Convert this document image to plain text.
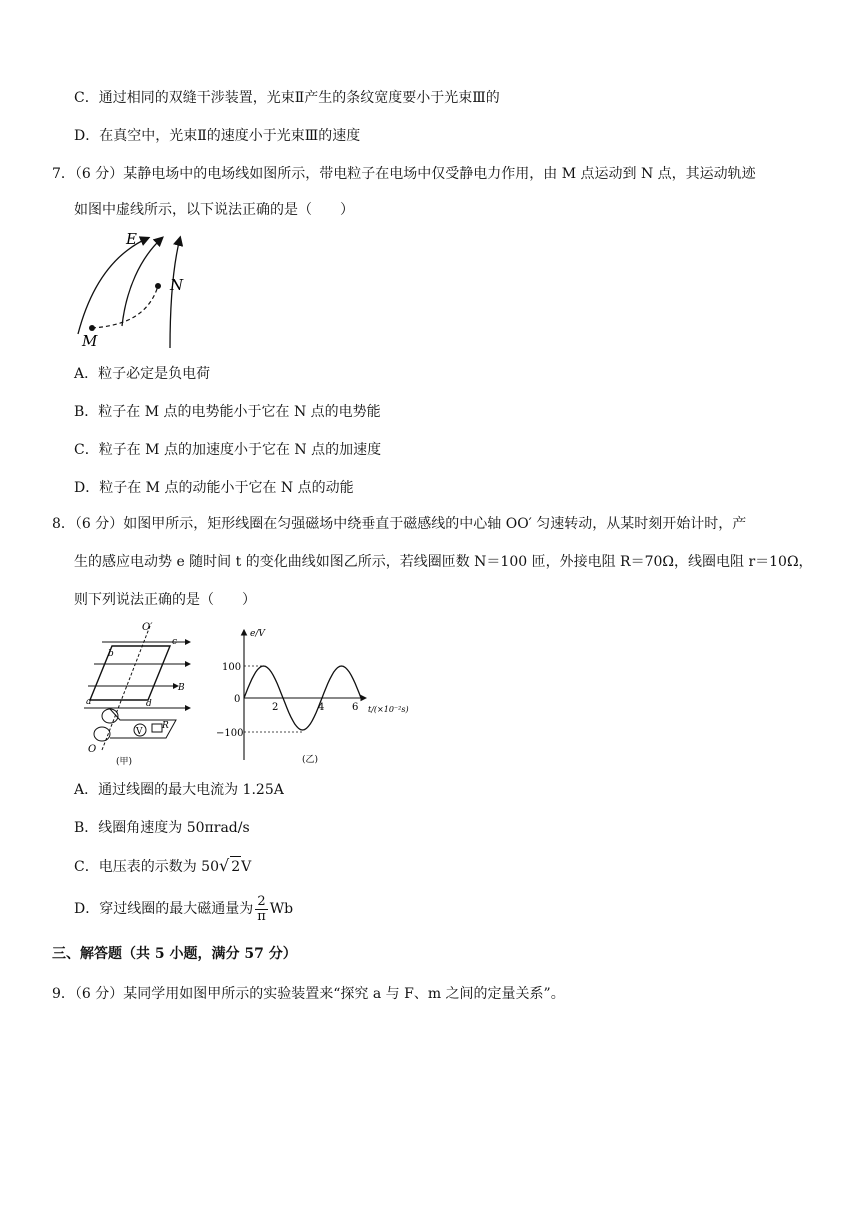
C．通过相同的双缝干涉装置，光束Ⅱ产生的条纹宽度要小于光束Ⅲ的
D．在真空中，光束Ⅱ的速度小于光束Ⅲ的速度
7．（6 分）某静电场中的电场线如图所示，带电粒子在电场中仅受静电力作用，由 M 点运动到 N 点，其运动轨迹
如图中虚线所示，以下说法正确的是（　　）
E
N
M
A．粒子必定是负电荷
B．粒子在 M 点的电势能小于它在 N 点的电势能
C．粒子在 M 点的加速度小于它在 N 点的加速度
D．粒子在 M 点的动能小于它在 N 点的动能
8．（6 分）如图甲所示，矩形线圈在匀强磁场中绕垂直于磁感线的中心轴 OO′ 匀速转动，从某时刻开始计时，产
生的感应电动势 e 随时间 t 的变化曲线如图乙所示，若线圈匝数 N＝100 匝，外接电阻 R＝70Ω，线圈电阻 r＝10Ω，
则下列说法正确的是（　　）
V
R
O′
O
b
c
a	d
B
(甲)
e/V
t/(×10⁻²s)
100
−100
0
2	4	6
(乙)
A．通过线圈的最大电流为 1.25A
B．线圈角速度为 50πrad/s
C．电压表的示数为 50√ 2V
D．穿过线圈的最大磁通量为 $\frac{2}{\pi}$ Wb
三、解答题（共 5 小题，满分 57 分）
9．（6 分）某同学用如图甲所示的实验装置来“探究 a 与 F、m 之间的定量关系”。
